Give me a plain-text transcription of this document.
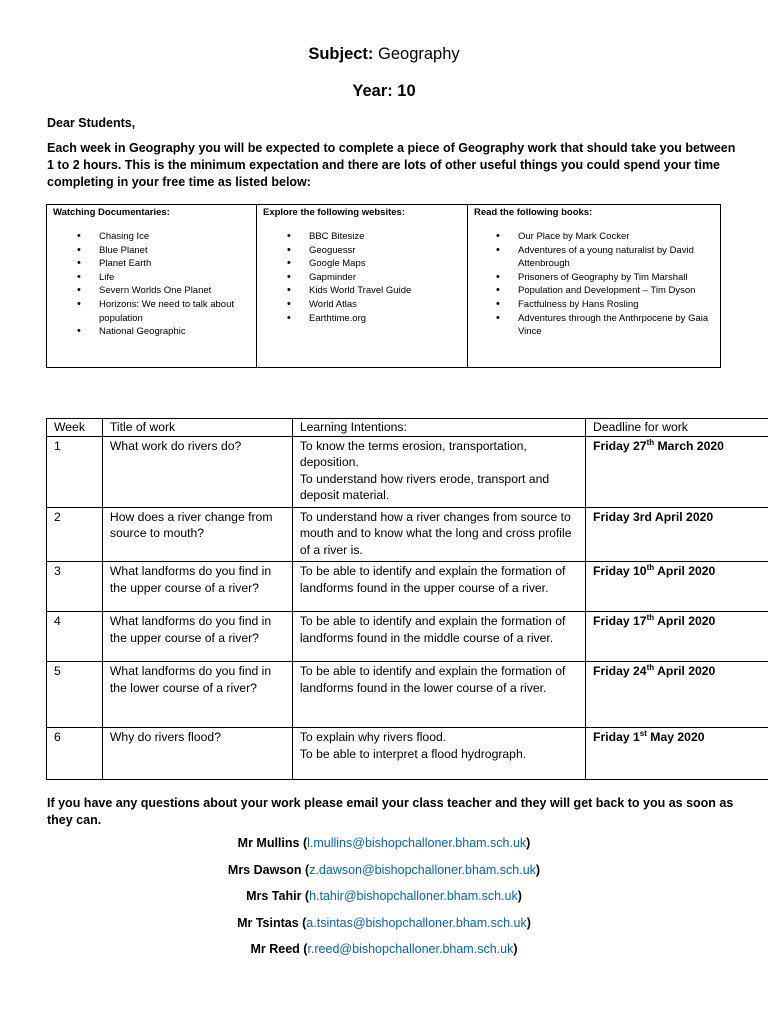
Subject: Geography
Year: 10
Dear Students,
Each week in Geography you will be expected to complete a piece of Geography work that should take you between
1 to 2 hours. This is the minimum expectation and there are lots of other useful things you could spend your time
completing in your free time as listed below:
Watching Documentaries:
• Chasing Ice
• Blue Planet
• Planet Earth
• Life
• Severn Worlds One Planet
• Horizons: We need to talk about population
• National Geographic
Explore the following websites:
• BBC Bitesize
• Geoguessr
• Google Maps
• Gapminder
• Kids World Travel Guide
• World Atlas
• Earthtime.org
Read the following books:
• Our Place by Mark Cocker
• Adventures of a young naturalist by David Attenbrough
• Prisoners of Geography by Tim Marshall
• Population and Development – Tim Dyson
• Factfulness by Hans Rosling
• Adventures through the Anthrpocene by Gaia Vince
Week	Title of work	Learning Intentions:	Deadline for work
1	What work do rivers do?	To know the terms erosion, transportation, deposition.
To understand how rivers erode, transport and deposit material.	Friday 27th March 2020
2	How does a river change from source to mouth?	To understand how a river changes from source to mouth and to know what the long and cross profile of a river is.	Friday 3rd April 2020
3	What landforms do you find in the upper course of a river?	To be able to identify and explain the formation of landforms found in the upper course of a river.	Friday 10th April 2020
4	What landforms do you find in the upper course of a river?	To be able to identify and explain the formation of landforms found in the middle course of a river.	Friday 17th April 2020
5	What landforms do you find in the lower course of a river?	To be able to identify and explain the formation of landforms found in the lower course of a river.	Friday 24th April 2020
6	Why do rivers flood?	To explain why rivers flood.
To be able to interpret a flood hydrograph.	Friday 1st May 2020
If you have any questions about your work please email your class teacher and they will get back to you as soon as
they can.
Mr Mullins (l.mullins@bishopchalloner.bham.sch.uk)
Mrs Dawson (z.dawson@bishopchalloner.bham.sch.uk)
Mrs Tahir (h.tahir@bishopchalloner.bham.sch.uk)
Mr Tsintas (a.tsintas@bishopchalloner.bham.sch.uk)
Mr Reed (r.reed@bishopchalloner.bham.sch.uk)
